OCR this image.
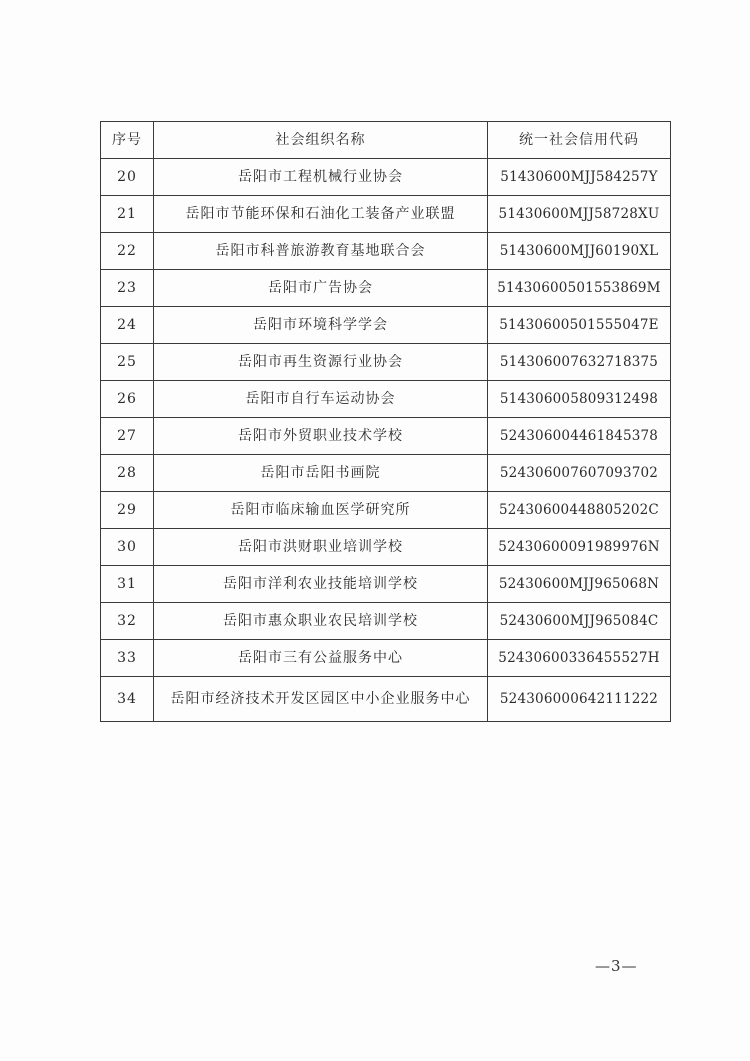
序号	社会组织名称	统一社会信用代码
20	岳阳市工程机械行业协会	51430600MJJ584257Y
21	岳阳市节能环保和石油化工装备产业联盟	51430600MJJ58728XU
22	岳阳市科普旅游教育基地联合会	51430600MJJ60190XL
23	岳阳市广告协会	51430600501553869M
24	岳阳市环境科学学会	51430600501555047E
25	岳阳市再生资源行业协会	514306007632718375
26	岳阳市自行车运动协会	514306005809312498
27	岳阳市外贸职业技术学校	524306004461845378
28	岳阳市岳阳书画院	524306007607093702
29	岳阳市临床输血医学研究所	52430600448805202C
30	岳阳市洪财职业培训学校	52430600091989976N
31	岳阳市洋利农业技能培训学校	52430600MJJ965068N
32	岳阳市惠众职业农民培训学校	52430600MJJ965084C
33	岳阳市三有公益服务中心	52430600336455527H
34	岳阳市经济技术开发区园区中小企业服务中心	524306000642111222
—3—
